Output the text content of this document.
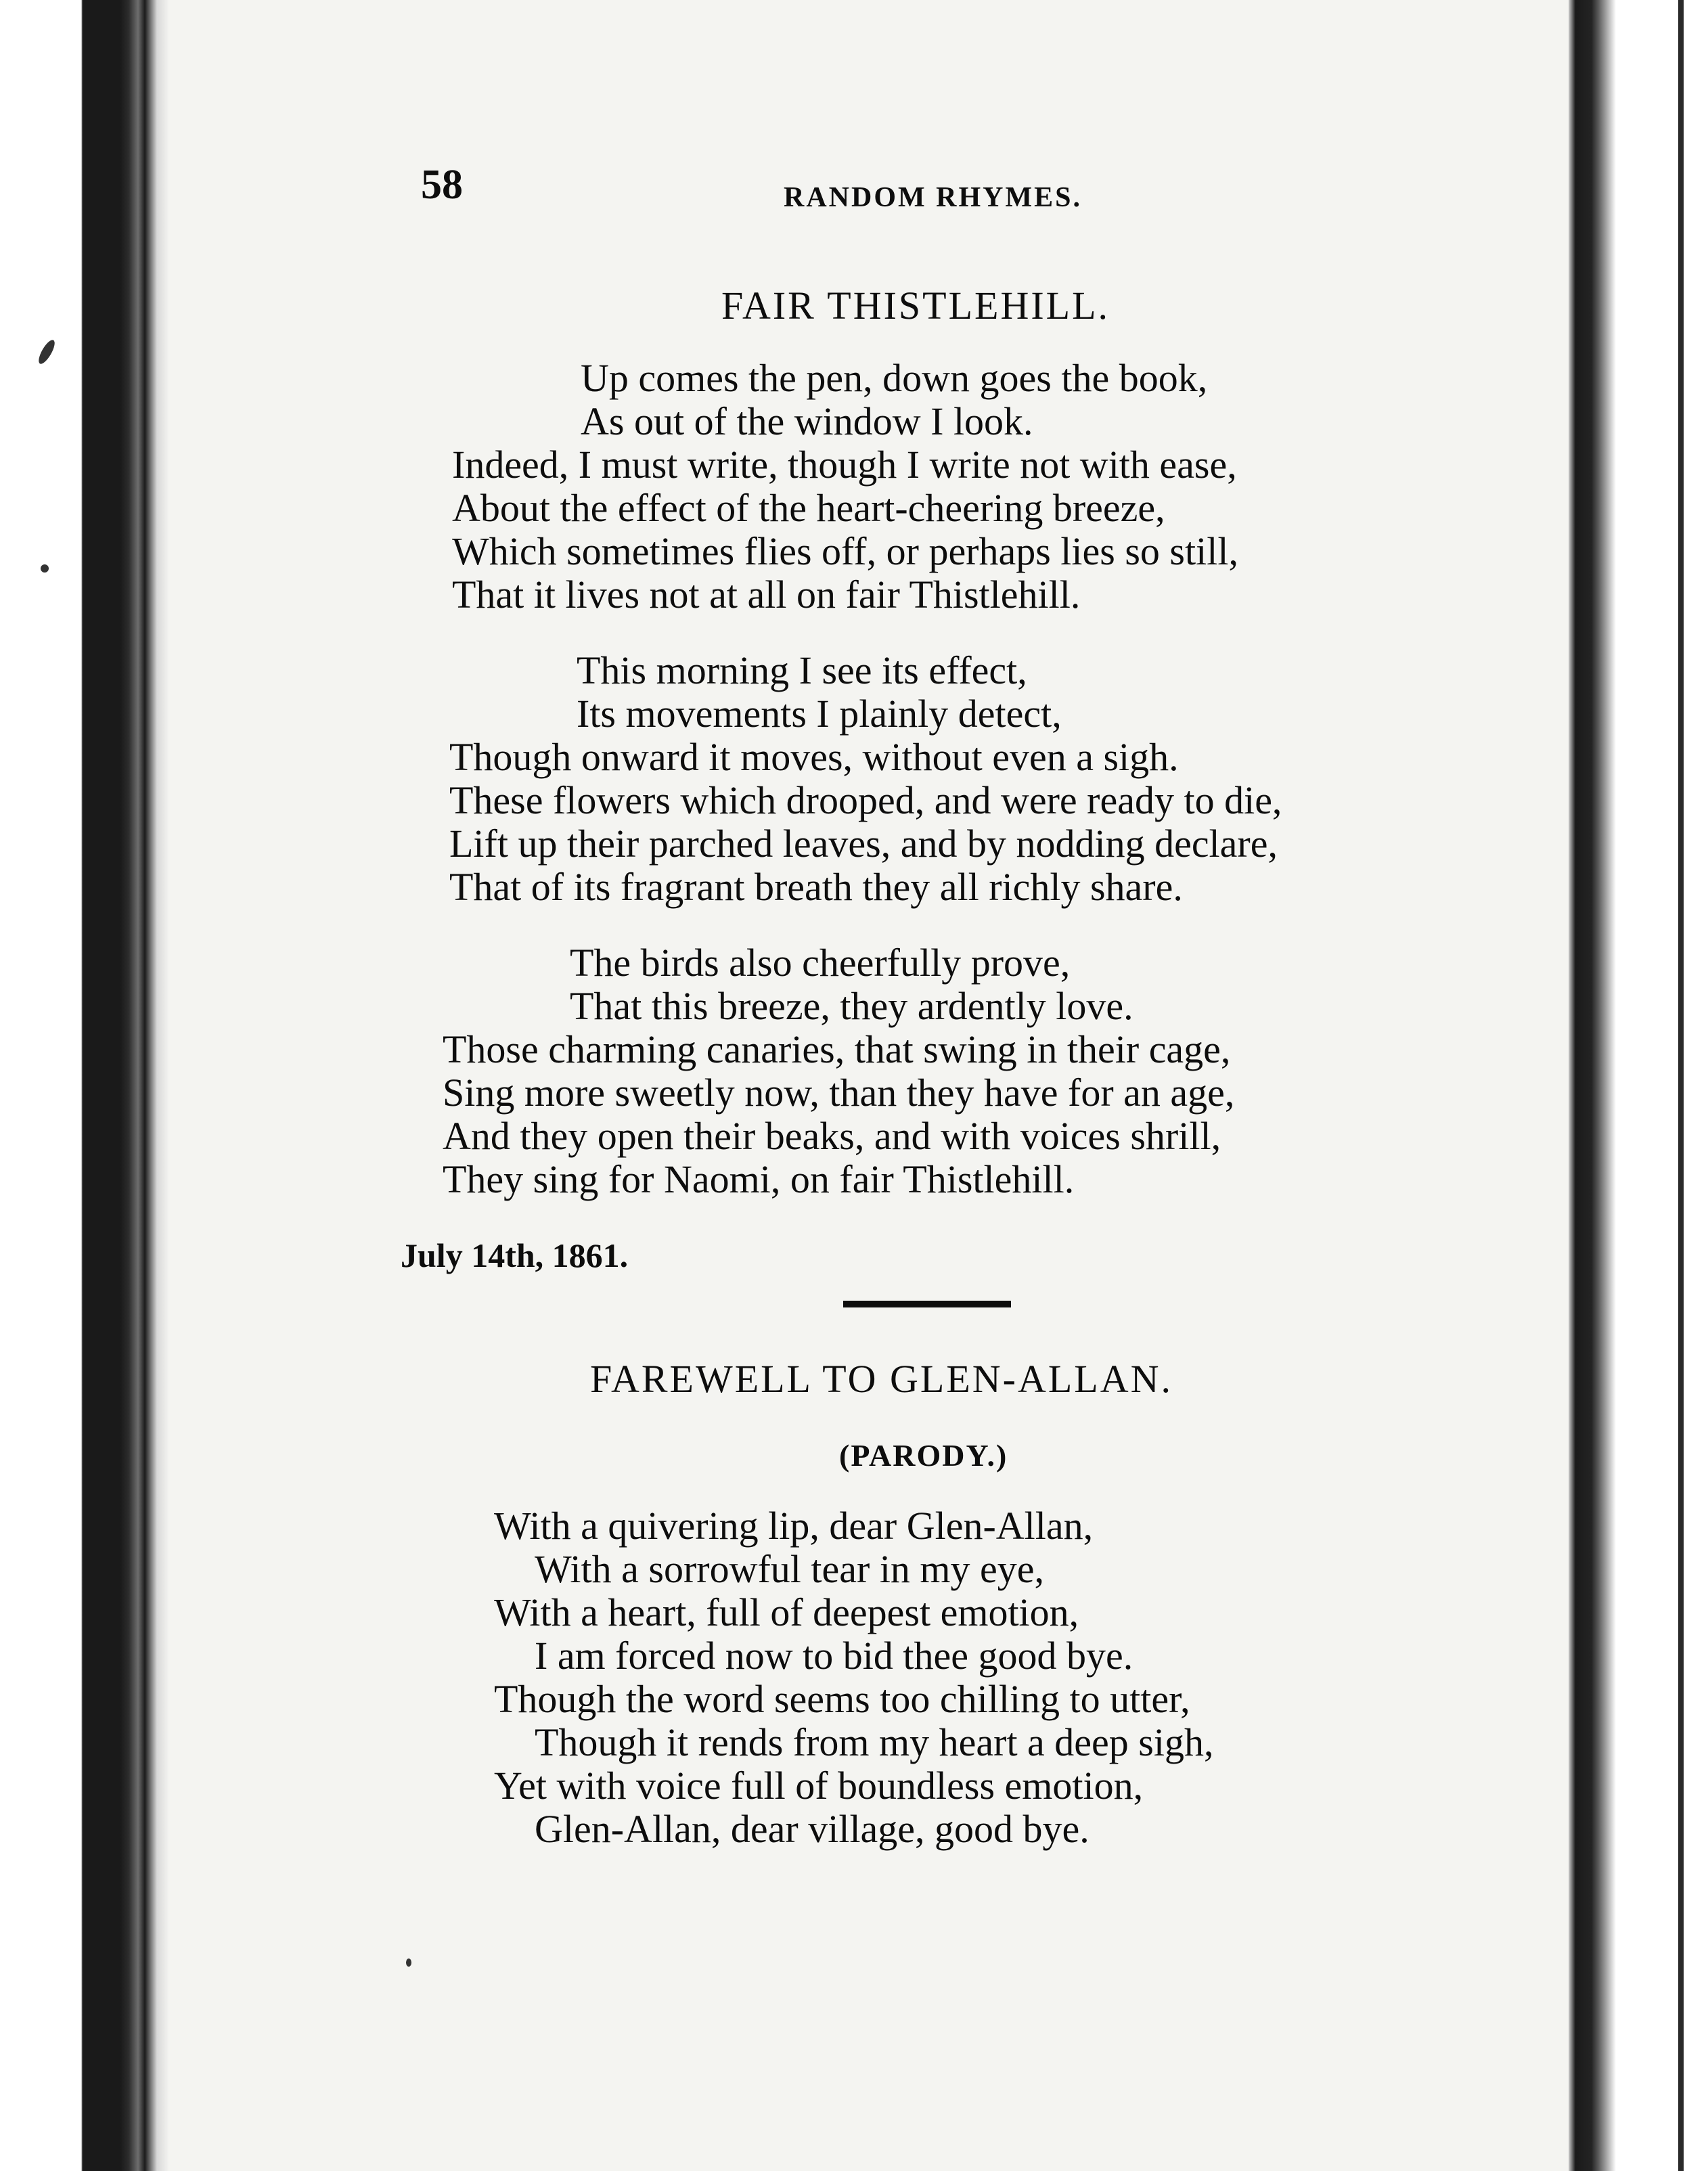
58	RANDOM RHYMES.
FAIR THISTLEHILL.
Up comes the pen, down goes the book,
As out of the window I look.
Indeed, I must write, though I write not with ease,
About the effect of the heart-cheering breeze,
Which sometimes flies off, or perhaps lies so still,
That it lives not at all on fair Thistlehill.
This morning I see its effect,
Its movements I plainly detect,
Though onward it moves, without even a sigh.
These flowers which drooped, and were ready to die,
Lift up their parched leaves, and by nodding declare,
That of its fragrant breath they all richly share.
The birds also cheerfully prove,
That this breeze, they ardently love.
Those charming canaries, that swing in their cage,
Sing more sweetly now, than they have for an age,
And they open their beaks, and with voices shrill,
They sing for Naomi, on fair Thistlehill.
July 14th, 1861.
FAREWELL TO GLEN-ALLAN.
(PARODY.)
With a quivering lip, dear Glen-Allan,
With a sorrowful tear in my eye,
With a heart, full of deepest emotion,
I am forced now to bid thee good bye.
Though the word seems too chilling to utter,
Though it rends from my heart a deep sigh,
Yet with voice full of boundless emotion,
Glen-Allan, dear village, good bye.
